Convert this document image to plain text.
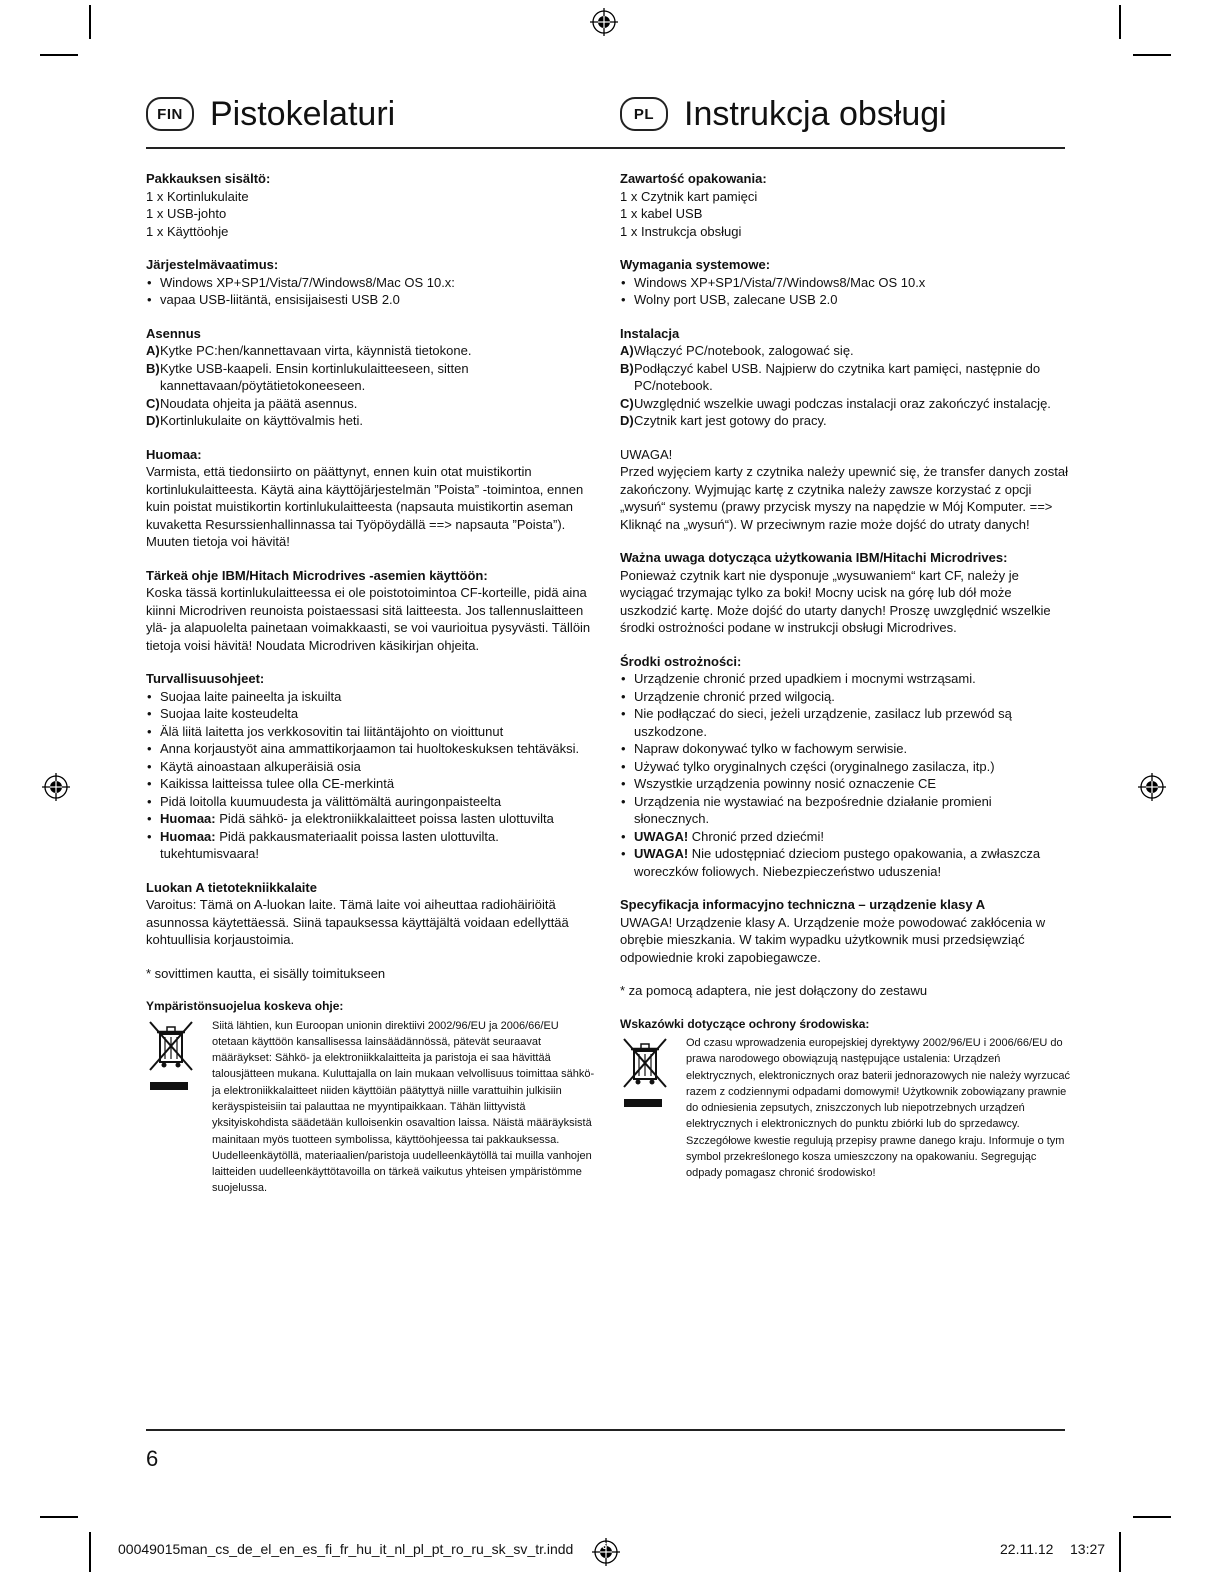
FIN Pistokelaturi	PL Instrukcja obsługi
Pakkauksen sisältö:
1 x Kortinlukulaite
1 x USB-johto
1 x Käyttöohje
Järjestelmävaatimus:
• Windows XP+SP1/Vista/7/Windows8/Mac OS 10.x:
• vapaa USB-liitäntä, ensisijaisesti USB 2.0
Asennus
A) Kytke PC:hen/kannettavaan virta, käynnistä tietokone.
B) Kytke USB-kaapeli. Ensin kortinlukulaitteeseen, sitten kannettavaan/pöytätietokoneeseen.
C) Noudata ohjeita ja päätä asennus.
D) Kortinlukulaite on käyttövalmis heti.
Huomaa:

Varmista, että tiedonsiirto on päättynyt, ennen kuin otat muistikortin kortinlukulaitteesta. Käytä aina käyttöjärjestelmän ”Poista” -toimintoa, ennen kuin poistat muistikortin kortinlukulaitteesta (napsauta muistikortin aseman kuvaketta Resurssienhallinnassa tai Työpöydällä ==> napsauta ”Poista”). Muuten tietoja voi hävitä!

Tärkeä ohje IBM/Hitach Microdrives -asemien käyttöön:

Koska tässä kortinlukulaitteessa ei ole poistotoimintoa CF-korteille, pidä aina kiinni Microdriven reunoista poistaessasi sitä laitteesta. Jos tallennuslaitteen ylä- ja alapuolelta painetaan voimakkaasti, se voi vaurioitua pysyvästi. Tällöin tietoja voisi hävitä! Noudata Microdriven käsikirjan ohjeita.

Turvallisuusohjeet:
• Suojaa laite paineelta ja iskuilta
• Suojaa laite kosteudelta
• Älä liitä laitetta jos verkkosovitin tai liitäntäjohto on vioittunut
• Anna korjaustyöt aina ammattikorjaamon tai huoltokeskuksen tehtäväksi.
• Käytä ainoastaan alkuperäisiä osia
• Kaikissa laitteissa tulee olla CE-merkintä
• Pidä loitolla kuumuudesta ja välittömältä auringonpaisteelta
• Huomaa: Pidä sähkö- ja elektroniikkalaitteet poissa lasten ulottuvilta
• Huomaa: Pidä pakkausmateriaalit poissa lasten ulottuvilta. tukehtumisvaara!
Luokan A tietotekniikkalaite

Varoitus: Tämä on A-luokan laite. Tämä laite voi aiheuttaa radiohäiriöitä asunnossa käytettäessä. Siinä tapauksessa käyttäjältä voidaan edellyttää kohtuullisia korjaustoimia.

* sovittimen kautta, ei sisälly toimitukseen

Ympäristönsuojelua koskeva ohje:
Siitä lähtien, kun Euroopan unionin direktiivi 2002/96/EU ja 2006/66/EU otetaan käyttöön kansallisessa lainsäädännössä, pätevät seuraavat määräykset: Sähkö- ja elektroniikkalaitteita ja paristoja ei saa hävittää talousjätteen mukana. Kuluttajalla on lain mukaan velvollisuus toimittaa sähkö- ja elektroniikkalaitteet niiden käyttöiän päätyttyä niille varattuihin julkisiin keräyspisteisiin tai palauttaa ne myyntipaikkaan. Tähän liittyvistä yksityiskohdista säädetään kulloisenkin osavaltion laissa. Näistä määräyksistä mainitaan myös tuotteen symbolissa, käyttöohjeessa tai pakkauksessa. Uudelleenkäytöllä, materiaalien/paristoja uudelleenkäytöllä tai muilla vanhojen laitteiden uudelleenkäyttötavoilla on tärkeä vaikutus yhteisen ympäristömme suojelussa.
Zawartość opakowania:
1 x Czytnik kart pamięci
1 x kabel USB
1 x Instrukcja obsługi
Wymagania systemowe:
• Windows XP+SP1/Vista/7/Windows8/Mac OS 10.x
• Wolny port USB, zalecane USB 2.0
Instalacja
A) Włączyć PC/notebook, zalogować się.
B) Podłączyć kabel USB. Najpierw do czytnika kart pamięci, następnie do PC/notebook.
C) Uwzględnić wszelkie uwagi podczas instalacji oraz zakończyć instalację.
D) Czytnik kart jest gotowy do pracy.
UWAGA!

Przed wyjęciem karty z czytnika należy upewnić się, że transfer danych został zakończony. Wyjmując kartę z czytnika należy zawsze korzystać z opcji „wysuń“ systemu (prawy przycisk myszy na napędzie w Mój Komputer. ==> Kliknąć na „wysuń“). W przeciwnym razie może dojść do utraty danych!

Ważna uwaga dotycząca użytkowania IBM/Hitachi Microdrives:

Ponieważ czytnik kart nie dysponuje „wysuwaniem“ kart CF, należy je wyciągać trzymając tylko za boki! Mocny ucisk na górę lub dół może uszkodzić kartę. Może dojść do utarty danych! Proszę uwzględnić wszelkie środki ostrożności podane w instrukcji obsługi Microdrives.

Środki ostrożności:
• Urządzenie chronić przed upadkiem i mocnymi wstrząsami.
• Urządzenie chronić przed wilgocią.
• Nie podłączać do sieci, jeżeli urządzenie, zasilacz lub przewód są uszkodzone.
• Napraw dokonywać tylko w fachowym serwisie.
• Używać tylko oryginalnych części (oryginalnego zasilacza, itp.)
• Wszystkie urządzenia powinny nosić oznaczenie CE
• Urządzenia nie wystawiać na bezpośrednie działanie promieni słonecznych.
• UWAGA! Chronić przed dziećmi!
• UWAGA! Nie udostępniać dzieciom pustego opakowania, a zwłaszcza woreczków foliowych. Niebezpieczeństwo uduszenia!
Specyfikacja informacyjno techniczna – urządzenie klasy A

UWAGA! Urządzenie klasy A. Urządzenie może powodować zakłócenia w obrębie mieszkania. W takim wypadku użytkownik musi przedsięwziąć odpowiednie kroki zapobiegawcze.

* za pomocą adaptera, nie jest dołączony do zestawu

Wskazówki dotyczące ochrony środowiska:
Od czasu wprowadzenia europejskiej dyrektywy 2002/96/EU i 2006/66/EU do prawa narodowego obowiązują następujące ustalenia: Urządzeń elektrycznych, elektronicznych oraz baterii jednorazowych nie należy wyrzucać razem z codziennymi odpadami domowymi! Użytkownik zobowiązany prawnie do odniesienia zepsutych, zniszczonych lub niepotrzebnych urządzeń elektrycznych i elektronicznych do punktu zbiórki lub do sprzedawcy. Szczegółowe kwestie regulują przepisy prawne danego kraju. Informuje o tym symbol przekreślonego kosza umieszczony na opakowaniu. Segregując odpady pomagasz chronić środowisko!
6
00049015man_cs_de_el_en_es_fi_fr_hu_it_nl_pl_pt_ro_ru_sk_sv_tr.indd	6	22.11.12 13:27
